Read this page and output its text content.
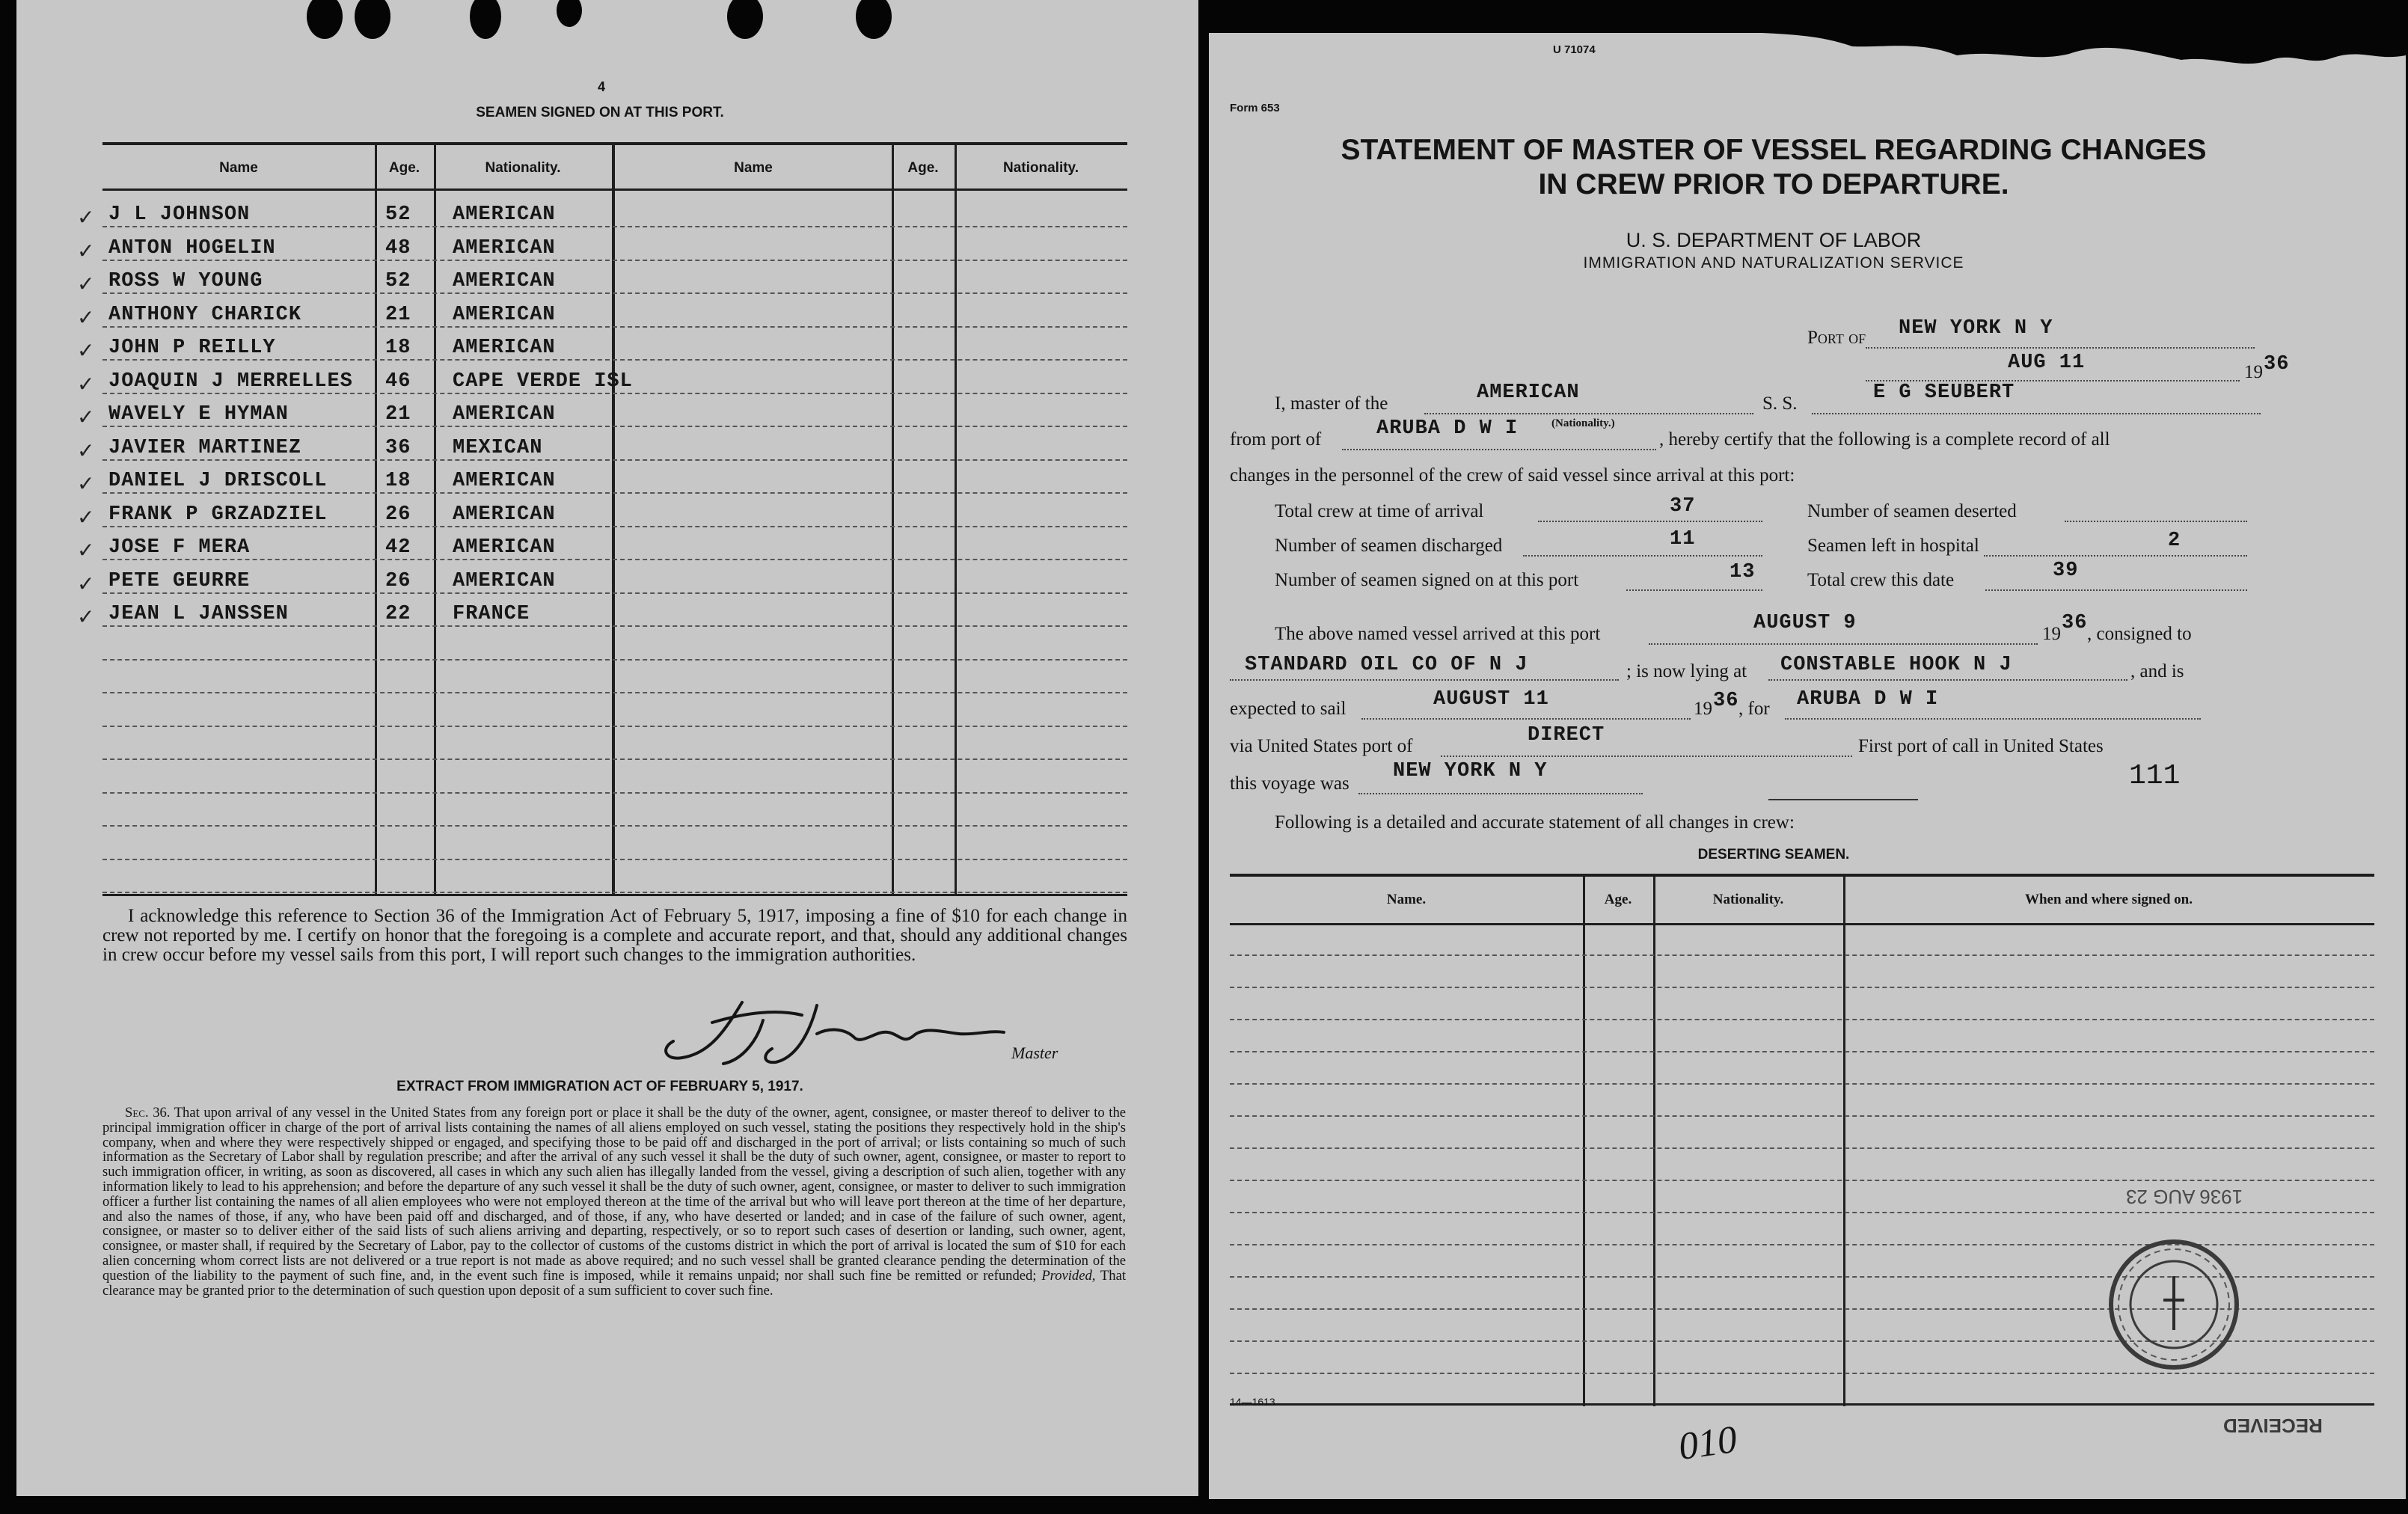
4
SEAMEN SIGNED ON AT THIS PORT.
Name	Age.	Nationality.	Name	Age.	Nationality.
✓ J L JOHNSON	52 AMERICAN
✓ ANTON HOGELIN	48 AMERICAN
✓ ROSS W YOUNG	52 AMERICAN
✓ ANTHONY CHARICK	21 AMERICAN
✓ JOHN P REILLY	18 AMERICAN
✓ JOAQUIN J MERRELLES 46 CAPE VERDE ISL
✓ WAVELY E HYMAN	21 AMERICAN
✓ JAVIER MARTINEZ	36 MEXICAN
✓ DANIEL J DRISCOLL	18 AMERICAN
✓ FRANK P GRZADZIEL	26 AMERICAN
✓ JOSE F MERA	42 AMERICAN
✓ PETE GEURRE	26 AMERICAN
✓ JEAN L JANSSEN	22 FRANCE
I acknowledge this reference to Section 36 of the Immigration Act of February 5, 1917, imposing a fine of $10 for each change in crew not reported by me. I certify on honor that the foregoing is a complete and accurate report, and that, should any additional changes in crew occur before my vessel sails from this port, I will report such changes to the immigration authorities.
Master
EXTRACT FROM IMMIGRATION ACT OF FEBRUARY 5, 1917.
Sec. 36. That upon arrival of any vessel in the United States from any foreign port or place it shall be the duty of the owner, agent, consignee, or master thereof to deliver to the principal immigration officer in charge of the port of arrival lists containing the names of all aliens employed on such vessel, stating the positions they respectively hold in the ship's company, when and where they were respectively shipped or engaged, and specifying those to be paid off and discharged in the port of arrival; or lists containing so much of such information as the Secretary of Labor shall by regulation prescribe; and after the arrival of any such vessel it shall be the duty of such owner, agent, consignee, or master to report to such immigration officer, in writing, as soon as discovered, all cases in which any such alien has illegally landed from the vessel, giving a description of such alien, together with any information likely to lead to his apprehension; and before the departure of any such vessel it shall be the duty of such owner, agent, consignee, or master to deliver to such immigration officer a further list containing the names of all alien employees who were not employed thereon at the time of the arrival but who will leave port thereon at the time of her departure, and also the names of those, if any, who have been paid off and discharged, and of those, if any, who have deserted or landed; and in case of the failure of such owner, agent, consignee, or master so to deliver either of the said lists of such aliens arriving and departing, respectively, or so to report such cases of desertion or landing, such owner, agent, consignee, or master shall, if required by the Secretary of Labor, pay to the collector of customs of the customs district in which the port of arrival is located the sum of $10 for each alien concerning whom correct lists are not delivered or a true report is not made as above required; and no such vessel shall be granted clearance pending the determination of the question of the liability to the payment of such fine, and, in the event such fine is imposed, while it remains unpaid; nor shall such fine be remitted or refunded; Provided, That clearance may be granted prior to the determination of such question upon deposit of a sum sufficient to cover such fine.
U 71074
Form 653
STATEMENT OF MASTER OF VESSEL REGARDING CHANGES
IN CREW PRIOR TO DEPARTURE.
U. S. DEPARTMENT OF LABOR
IMMIGRATION AND NATURALIZATION SERVICE
Port of NEW YORK N Y
AUG 11	19 36
I, master of the	AMERICAN
(Nationality.)
S. S.	E G SEUBERT
from port of	ARUBA D W I	, hereby certify that the following is a complete record of all
changes in the personnel of the crew of said vessel since arrival at this port:
Total crew at time of arrival	37
Number of seamen discharged	11
Number of seamen signed on at this port	13
Number of seamen deserted
Seamen left in hospital	2
Total crew this date	39
The above named vessel arrived at this port	AUGUST 9	19 36 , consigned to
STANDARD OIL CO OF N J	; is now lying at CONSTABLE HOOK N J	, and is
expected to sail	AUGUST 11	19 36 , for ARUBA D W I
via United States port of	DIRECT	First port of call in United States
this voyage was
NEW YORK N Y	111
Following is a detailed and accurate statement of all changes in crew:
DESERTING SEAMEN.
Name.	Age.	Nationality.	When and where signed on.
1936 AUG 23
RECEIVED
14—1613
010
